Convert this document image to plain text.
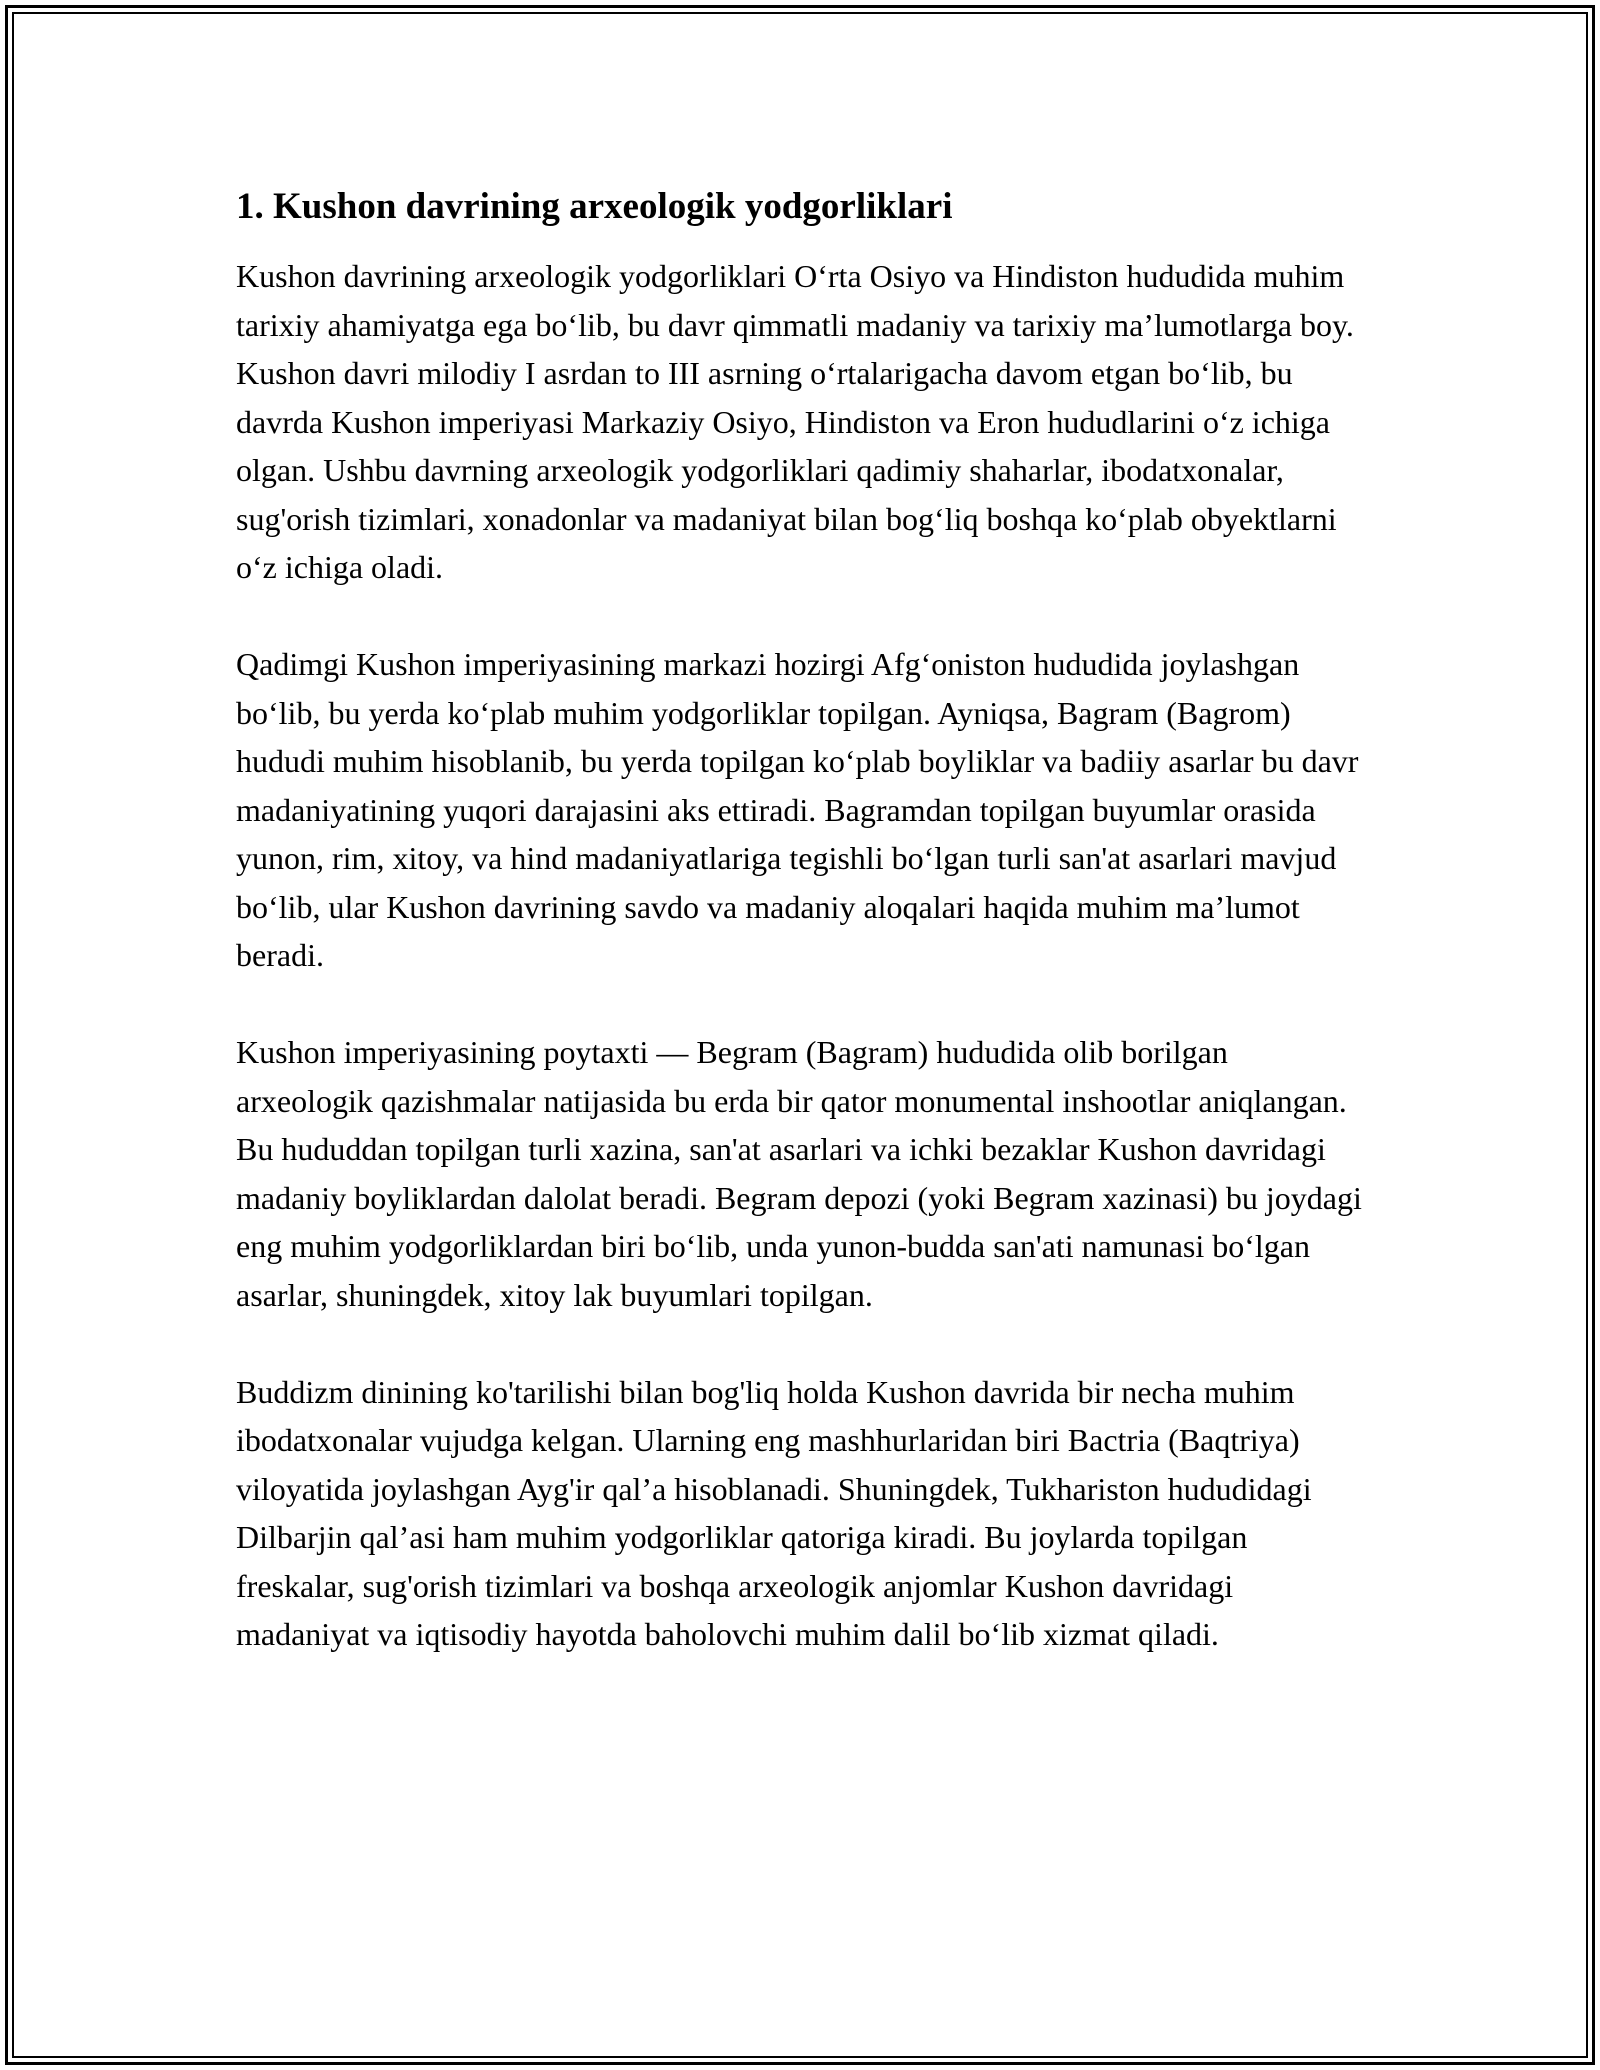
1. Kushon davrining arxeologik yodgorliklari

Kushon davrining arxeologik yodgorliklari O‘rta Osiyo va Hindiston hududida muhim tarixiy ahamiyatga ega bo‘lib, bu davr qimmatli madaniy va tarixiy ma’lumotlarga boy. Kushon davri milodiy I asrdan to III asrning o‘rtalarigacha davom etgan bo‘lib, bu davrda Kushon imperiyasi Markaziy Osiyo, Hindiston va Eron hududlarini o‘z ichiga olgan. Ushbu davrning arxeologik yodgorliklari qadimiy shaharlar, ibodatxonalar, sug'orish tizimlari, xonadonlar va madaniyat bilan bog‘liq boshqa ko‘plab obyektlarni o‘z ichiga oladi.

Qadimgi Kushon imperiyasining markazi hozirgi Afg‘oniston hududida joylashgan bo‘lib, bu yerda ko‘plab muhim yodgorliklar topilgan. Ayniqsa, Bagram (Bagrom) hududi muhim hisoblanib, bu yerda topilgan ko‘plab boyliklar va badiiy asarlar bu davr madaniyatining yuqori darajasini aks ettiradi. Bagramdan topilgan buyumlar orasida yunon, rim, xitoy, va hind madaniyatlariga tegishli bo‘lgan turli san'at asarlari mavjud bo‘lib, ular Kushon davrining savdo va madaniy aloqalari haqida muhim ma’lumot beradi.

Kushon imperiyasining poytaxti — Begram (Bagram) hududida olib borilgan arxeologik qazishmalar natijasida bu erda bir qator monumental inshootlar aniqlangan. Bu hududdan topilgan turli xazina, san'at asarlari va ichki bezaklar Kushon davridagi madaniy boyliklardan dalolat beradi. Begram depozi (yoki Begram xazinasi) bu joydagi eng muhim yodgorliklardan biri bo‘lib, unda yunon-budda san'ati namunasi bo‘lgan asarlar, shuningdek, xitoy lak buyumlari topilgan.

Buddizm dinining ko'tarilishi bilan bog'liq holda Kushon davrida bir necha muhim ibodatxonalar vujudga kelgan. Ularning eng mashhurlaridan biri Bactria (Baqtriya) viloyatida joylashgan Ayg'ir qal’a hisoblanadi. Shuningdek, Tukhariston hududidagi Dilbarjin qal’asi ham muhim yodgorliklar qatoriga kiradi. Bu joylarda topilgan freskalar, sug'orish tizimlari va boshqa arxeologik anjomlar Kushon davridagi madaniyat va iqtisodiy hayotda baholovchi muhim dalil bo‘lib xizmat qiladi.
